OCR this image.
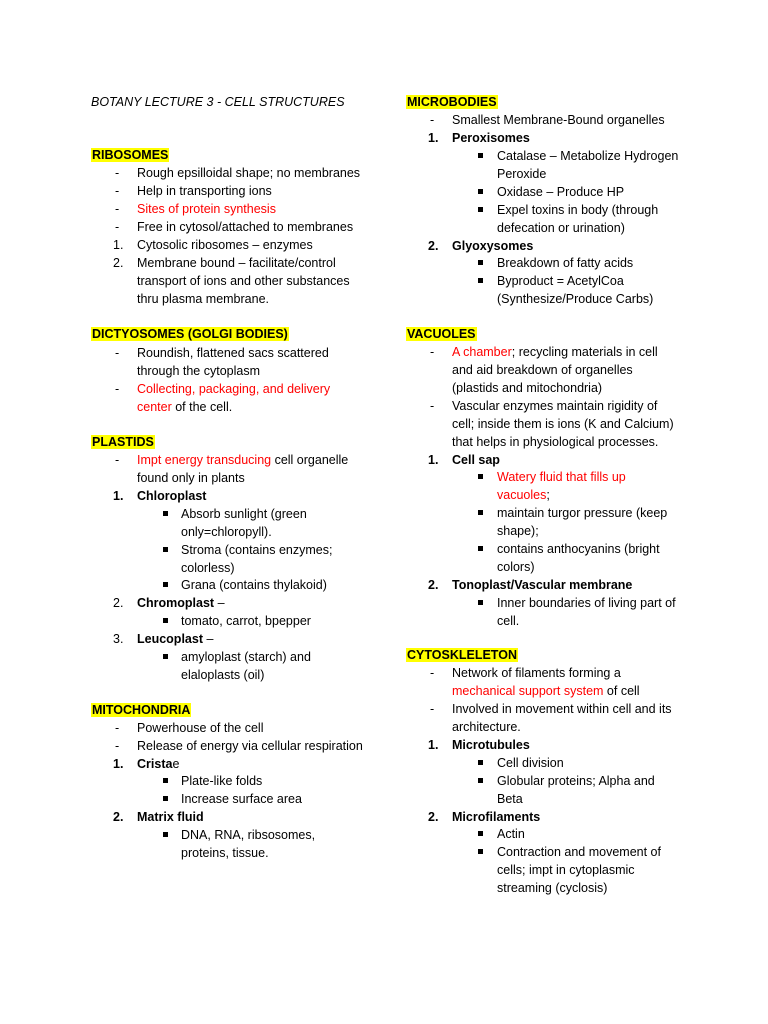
BOTANY LECTURE 3 - CELL STRUCTURES
RIBOSOMES
- Rough epsilloidal shape; no membranes
- Help in transporting ions
- Sites of protein synthesis
- Free in cytosol/attached to membranes
1. Cytosolic ribosomes – enzymes
2. Membrane bound – facilitate/control
transport of ions and other substances
thru plasma membrane.
DICTYOSOMES (GOLGI BODIES)
- Roundish, flattened sacs scattered
through the cytoplasm
- Collecting, packaging, and delivery
center of the cell.
PLASTIDS
- Impt energy transducing cell organelle
found only in plants
1. Chloroplast
Absorb sunlight (green
only=chloropyll).
Stroma (contains enzymes;
colorless)
Grana (contains thylakoid)
2. Chromoplast –
tomato, carrot, bpepper
3. Leucoplast –
amyloplast (starch) and
elaloplasts (oil)
MITOCHONDRIA
- Powerhouse of the cell
- Release of energy via cellular respiration
1. Cristae
Plate-like folds
Increase surface area
2. Matrix fluid
DNA, RNA, ribsosomes,
proteins, tissue.
MICROBODIES
- Smallest Membrane-Bound organelles
1. Peroxisomes
Catalase – Metabolize Hydrogen
Peroxide
Oxidase – Produce HP
Expel toxins in body (through
defecation or urination)
2. Glyoxysomes
Breakdown of fatty acids
Byproduct = AcetylCoa
(Synthesize/Produce Carbs)
VACUOLES
- A chamber; recycling materials in cell
and aid breakdown of organelles
(plastids and mitochondria)
- Vascular enzymes maintain rigidity of
cell; inside them is ions (K and Calcium)
that helps in physiological processes.
1. Cell sap
Watery fluid that fills up
vacuoles;
maintain turgor pressure (keep
shape);
contains anthocyanins (bright
colors)
2. Tonoplast/Vascular membrane
Inner boundaries of living part of
cell.
CYTOSKLELETON
- Network of filaments forming a
mechanical support system of cell
- Involved in movement within cell and its
architecture.
1. Microtubules
Cell division
Globular proteins; Alpha and
Beta
2. Microfilaments
Actin
Contraction and movement of
cells; impt in cytoplasmic
streaming (cyclosis)
